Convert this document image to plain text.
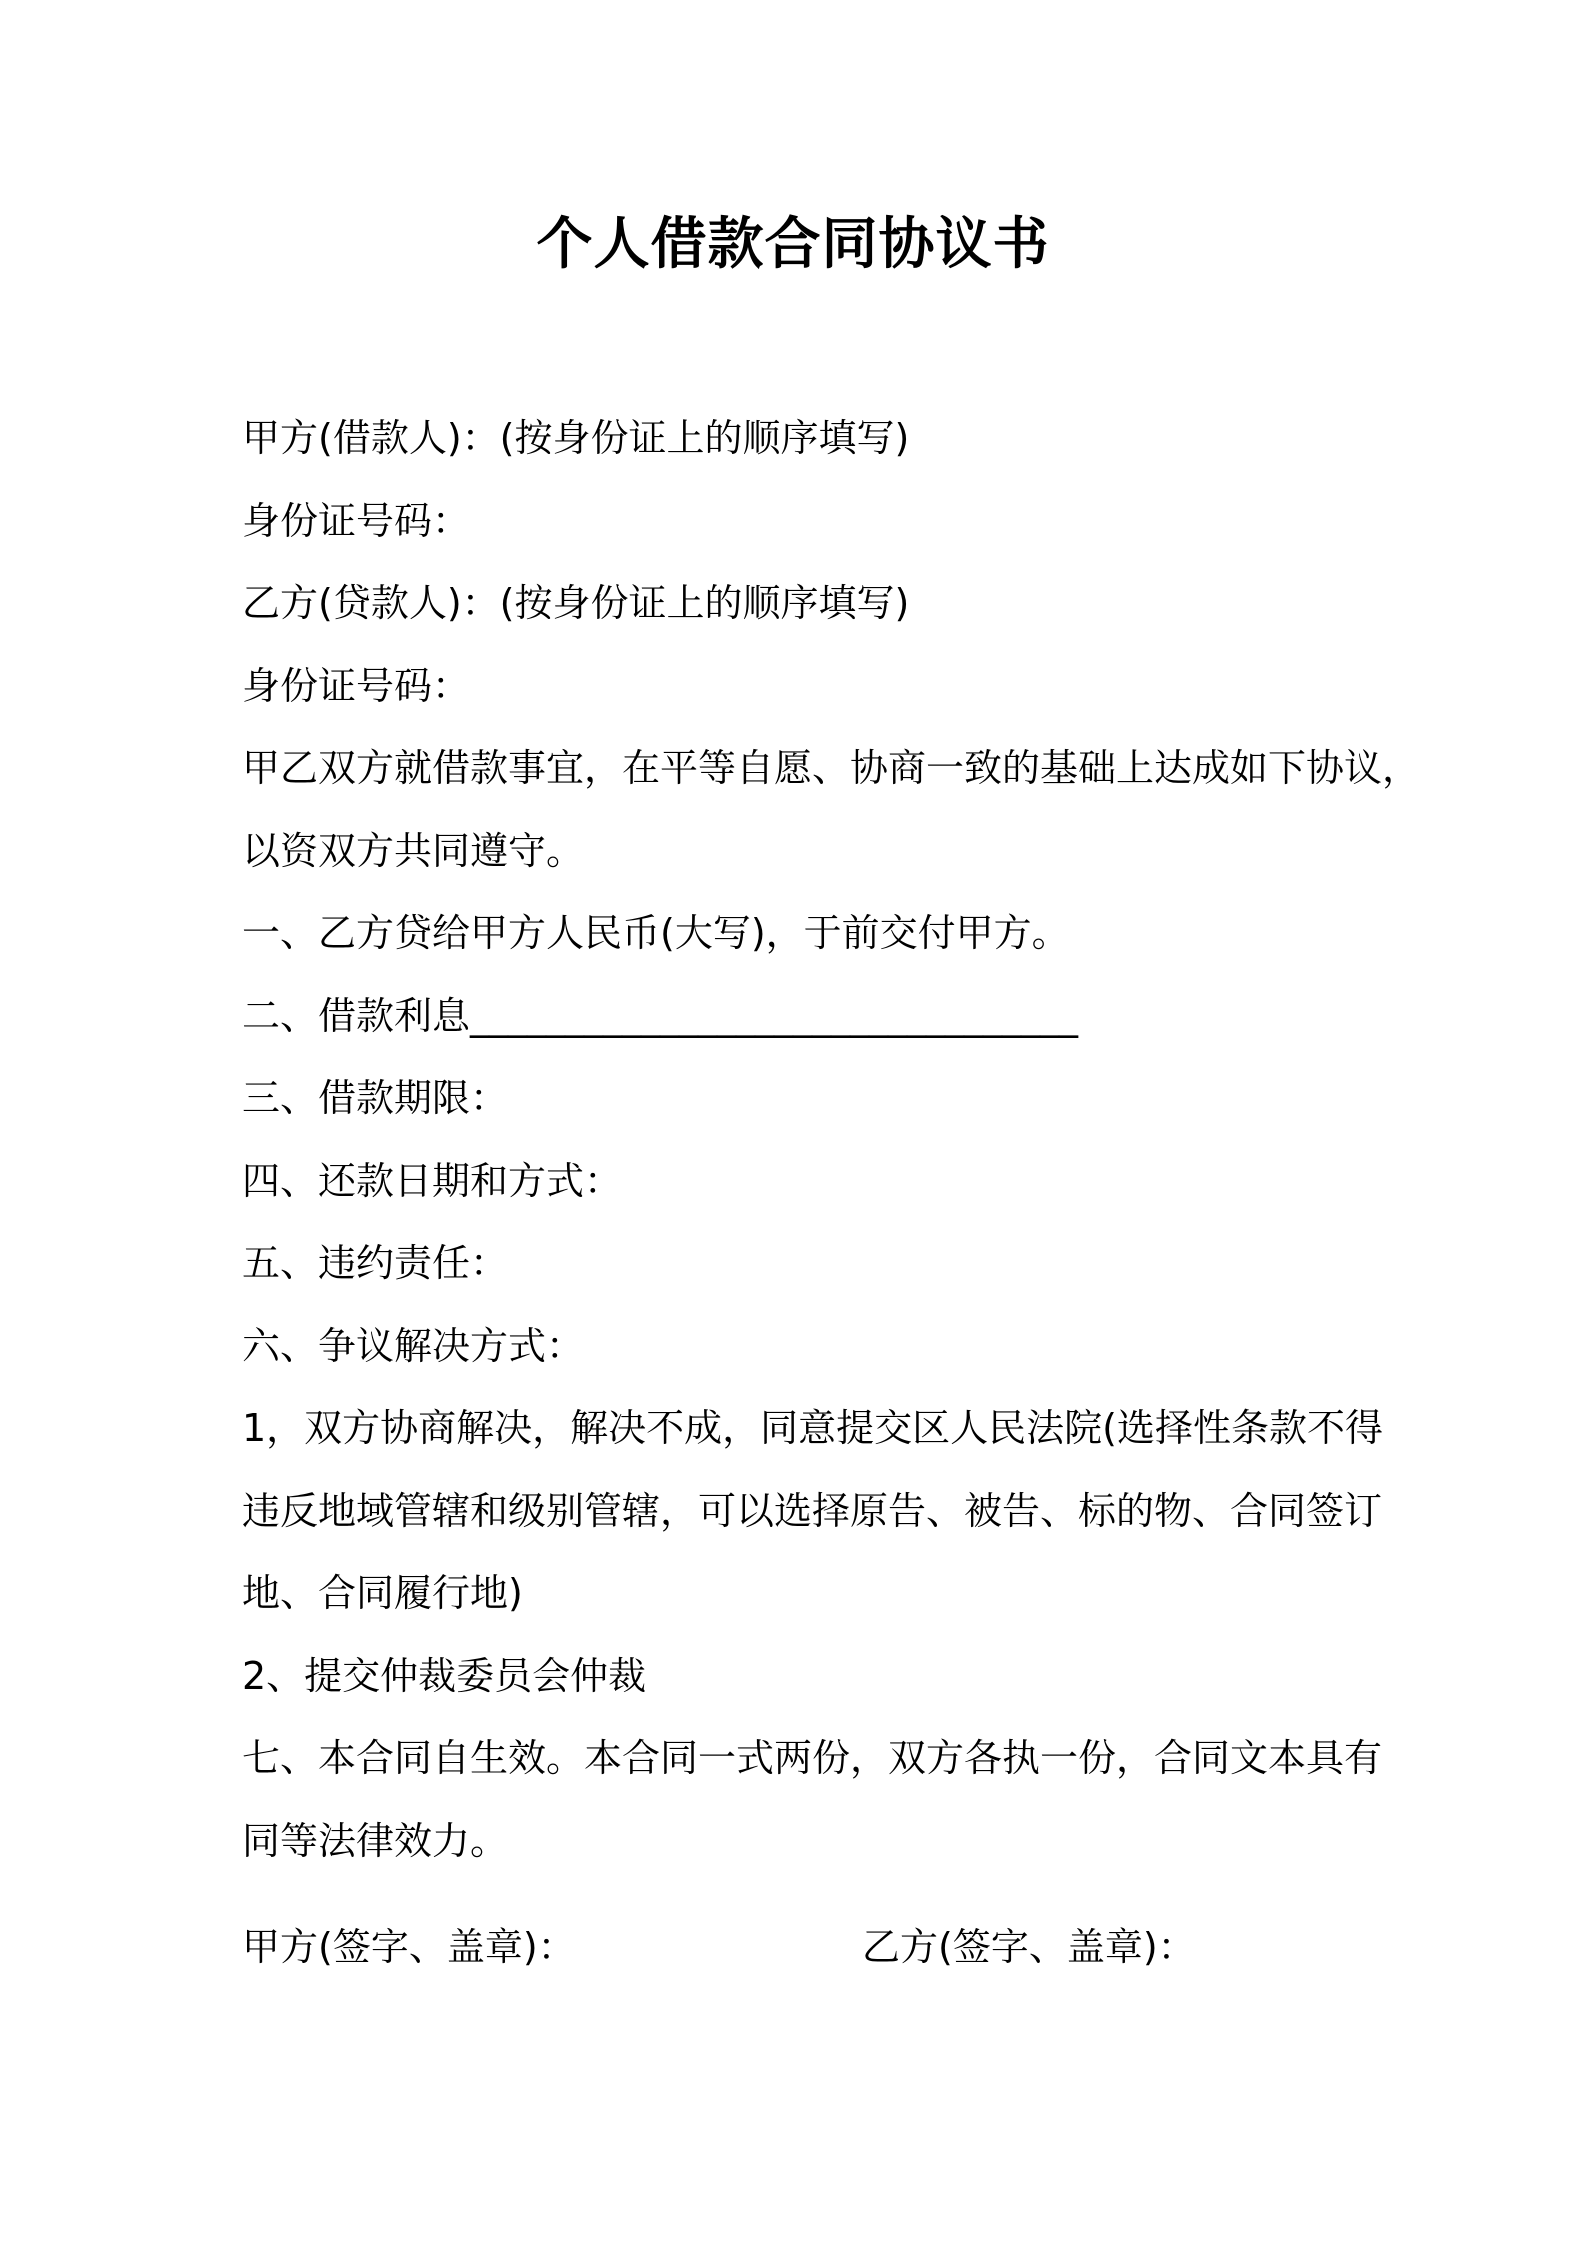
个人借款合同协议书
甲方(借款人)：(按身份证上的顺序填写)
身份证号码：
乙方(贷款人)：(按身份证上的顺序填写)
身份证号码：
甲乙双方就借款事宜，在平等自愿、协商一致的基础上达成如下协议，
以资双方共同遵守。
一、乙方贷给甲方人民币(大写)，于前交付甲方。
二、借款利息________________________________
三、借款期限：
四、还款日期和方式：
五、违约责任：
六、争议解决方式：
1，双方协商解决，解决不成，同意提交区人民法院(选择性条款不得
违反地域管辖和级别管辖，可以选择原告、被告、标的物、合同签订
地、合同履行地)
2、提交仲裁委员会仲裁
七、本合同自生效。本合同一式两份，双方各执一份，合同文本具有
同等法律效力。
甲方(签字、盖章)：	乙方(签字、盖章)：
